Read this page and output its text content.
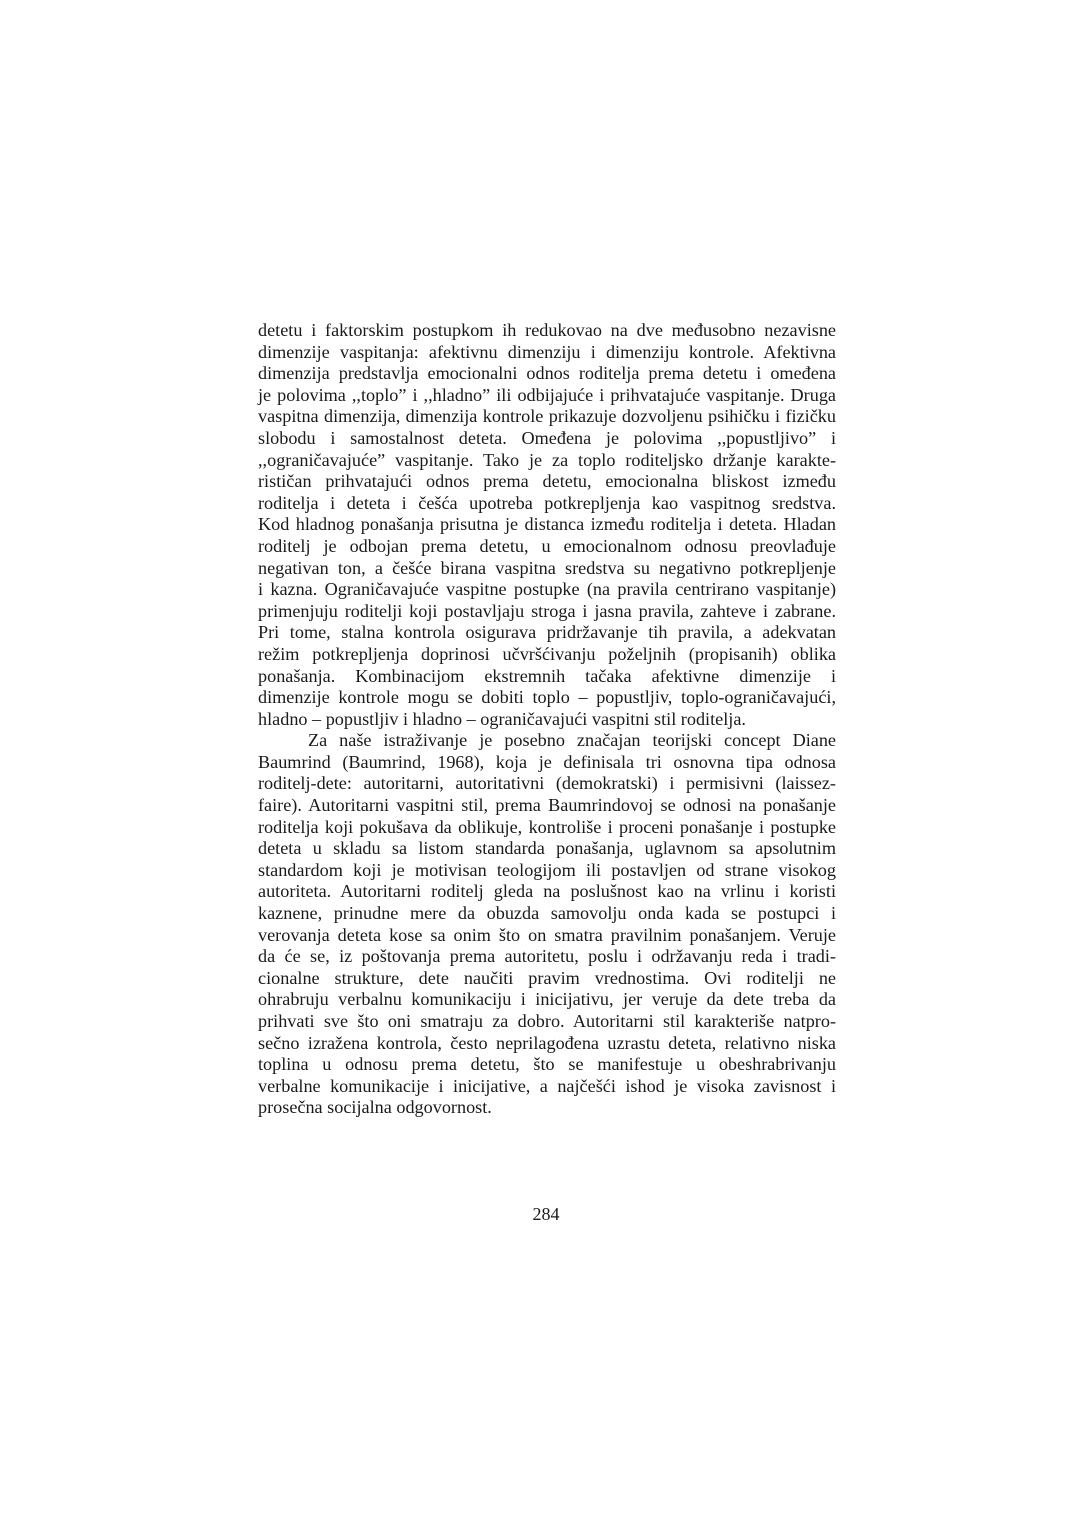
detetu i faktorskim postupkom ih redukovao na dve međusobno nezavisne
dimenzije vaspitanja: afektivnu dimenziju i dimenziju kontrole. Afektivna
dimenzija predstavlja emocionalni odnos roditelja prema detetu i omeđena
je polovima ,,toplo” i ,,hladno” ili odbijajuće i prihvatajuće vaspitanje. Druga
vaspitna dimenzija, dimenzija kontrole prikazuje dozvoljenu psihičku i fizičku
slobodu i samostalnost deteta. Omeđena je polovima ,,popustljivo” i
,,ograničavajuće” vaspitanje. Tako je za toplo roditeljsko držanje karakte-
rističan prihvatajući odnos prema detetu, emocionalna bliskost između
roditelja i deteta i češća upotreba potkrepljenja kao vaspitnog sredstva.
Kod hladnog ponašanja prisutna je distanca između roditelja i deteta. Hladan
roditelj je odbojan prema detetu, u emocionalnom odnosu preovlađuje
negativan ton, a češće birana vaspitna sredstva su negativno potkrepljenje
i kazna. Ograničavajuće vaspitne postupke (na pravila centrirano vaspitanje)
primenjuju roditelji koji postavljaju stroga i jasna pravila, zahteve i zabrane.
Pri tome, stalna kontrola osigurava pridržavanje tih pravila, a adekvatan
režim potkrepljenja doprinosi učvršćivanju poželjnih (propisanih) oblika
ponašanja. Kombinacijom ekstremnih tačaka afektivne dimenzije i
dimenzije kontrole mogu se dobiti toplo – popustljiv, toplo-ograničavajući,
hladno – popustljiv i hladno – ograničavajući vaspitni stil roditelja.
Za naše istraživanje je posebno značajan teorijski concept Diane
Baumrind (Baumrind, 1968), koja je definisala tri osnovna tipa odnosa
roditelj-dete: autoritarni, autoritativni (demokratski) i permisivni (laissez-
faire). Autoritarni vaspitni stil, prema Baumrindovoj se odnosi na ponašanje
roditelja koji pokušava da oblikuje, kontroliše i proceni ponašanje i postupke
deteta u skladu sa listom standarda ponašanja, uglavnom sa apsolutnim
standardom koji je motivisan teologijom ili postavljen od strane visokog
autoriteta. Autoritarni roditelj gleda na poslušnost kao na vrlinu i koristi
kaznene, prinudne mere da obuzda samovolju onda kada se postupci i
verovanja deteta kose sa onim što on smatra pravilnim ponašanjem. Veruje
da će se, iz poštovanja prema autoritetu, poslu i održavanju reda i tradi-
cionalne strukture, dete naučiti pravim vrednostima. Ovi roditelji ne
ohrabruju verbalnu komunikaciju i inicijativu, jer veruje da dete treba da
prihvati sve što oni smatraju za dobro. Autoritarni stil karakteriše natpro-
sečno izražena kontrola, često neprilagođena uzrastu deteta, relativno niska
toplina u odnosu prema detetu, što se manifestuje u obeshrabrivanju
verbalne komunikacije i inicijative, a najčešći ishod je visoka zavisnost i
prosečna socijalna odgovornost.
284
